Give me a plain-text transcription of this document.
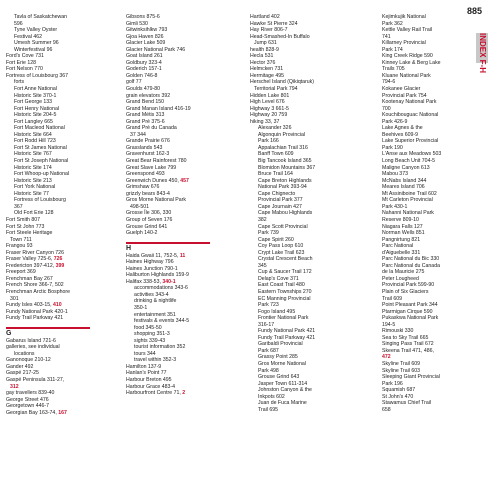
885
INDEX F-H
Tavla of Saskatchewan
596
Tyne Valley Oyster
Festival 462
Umesh Summer 96
Winterfestival 96
Ford's Cove 731
Fort Erie 128
Fort Nelson 770
Fortress of Louisbourg 367
forts
Fort Anne National
Historic Site 370-1
Fort George 133
Fort Henry National
Historic Site 204-5
Fort Langley 665
Fort Macleod National
Historic Site 664
Fort Rodd Hill 723
Fort St James National
Historic Site 767
Fort St Joseph National
Historic Site 174
Fort Whoop-up National
Historic Site 213
Fort York National
Historic Site 77
Fortress of Louisbourg
367
Old Fort Erie 128
Fort Smith 807
Fort St John 773
Fort Steele Heritage
Town 711
Frangou 93
Fraser River Canyon 726
Fraser Valley 725-6, 726
Fredericton 397-412, 399
Freeport 369
Frenchman Bay 267
French Shore 366-7, 502
Frenchman Arctic Bosphore
301
Fundy Isles 403-15, 410
Fundy National Park 420-1
Fundy Trail Parkway 421
G
Gabarus Island 721-6
galleries, see individual
locations
Ganonoque 210-12
Gander 492
Gaspé 217-25
Gaspé Peninsula 311-27,
312
gay travellers 839-40
George Street 476
Georgetown 446-7
Georgian Bay 163-74, 167
Gibsons 875-6
Gimli 530
Gitwinksihlkw 793
Gjoa Haven 826
Glacier Lake 509
Glacier National Park 746
Goat Island 261
Goldbury 323-4
Goderich 157-1
Golden 746-8
golf 77
Goulds 479-80
grain elevators 392
Grand Bend 150
Grand Manan Island 416-19
Grand Métis 313
Grand Pré 375-6
Grand Pré du Canada
37 344
Grande Prairie 676
Grasslands 543
Gravenhurst 162-3
Great Bear Rainforest 780
Great Slave Lake 799
Greenspond 493
Greenwich Dunes 450, 457
Grimshaw 676
grizzly bears 843-4
Gros Morne National Park
498-501
Grosse Île 306, 330
Group of Seven 176
Grouse Grind 641
Guelph 140-2
H
Haida Gwaii 11, 752-5, 11
Haines Highway 796
Haines Junction 790-1
Haliburton Highlands 159-9
Halifax 338-53, 340-1
accommodations 343-6
activities 343-4
drinking & nightlife
350-1
entertainment 351
festivals & events 344-5
food 345-50
shopping 351-3
sights 339-43
tourist information 352
tours 344
travel within 352-3
Hamilton 137-9
Hanlan's Point 77
Harbour Breton 495
Harbour Grace 483-4
Harbourfront Centre 71, 2
Hartland 402
Hawke St Pierre 324
Hay River 806-7
Head-Smashed-In Buffalo
Jump 631
health 828-9
Hecla 531
Hector 376
Helmcken 731
Hermitage 495
Herschel Island (Qikiqtaruk)
Territorial Park 794
Hidden Lake 801
High Level 676
Highway 3 661-5
Highway 20 759
hiking 33, 37
Alexander 326
Algonquin Provincial
Park 166
Appalachian Trail 316
Banff Town 609
Big Tancook Island 365
Blomidon Mountains 367
Bruce Trail 164
Cape Breton Highlands
National Park 393-94
Cape Chignecto
Provincial Park 377
Cape Journain 427
Cape Mabou Highlands
382
Cape Scott Provincial
Park 739
Cape Spirit 260
Coy Pass Loop 610
Crypt Lake Trail 623
Crystal Crescent Beach
345
Cup & Saucer Trail 172
Delap's Cove 371
East Coast Trail 480
Eastern Townships 270
EC Manning Provincial
Park 723
Fogo Island 495
Frontier National Park
316-17
Fundy National Park 421
Fundy Trail Parkway 421
Garibaldi Provincial
Park 687
Grassy Point 285
Gros Morne National
Park 498
Grouse Grind 643
Jasper Town 611-314
Johnston Canyon & the
Inkpots 602
Juan de Fuca Marine
Trail 695
Kejimkujik National
Park 362
Kettle Valley Rail Trail
741
Killarney Provincial
Park 174
King Creek Ridge 590
Kinney Lake & Berg Lake
Trails 705
Kluane National Park
794-6
Kokanee Glacier
Provincial Park 754
Kootenay National Park
700
Kouchibouguac National
Park 426-9
Lake Agnes & the
Beehives 609-9
Lake Superior Provincial
Park 190
L'Anse aux Meadows 503
Long Beach Unit 704-5
Maligne Canyon 613
Mabou 373
McNabs Island 344
Meares Island 706
Mt Assiniboine Trail 602
Mt Carleton Provincial
Park 430-1
Nahanni National Park
Reserve 809-10
Niagara Falls 127
Norman Wells 851
Pangnirtung 821
Parc National
d'Aiguebelle 331
Parc National du Bic 330
Parc National du Canada
de la Mauricie 275
Peter Lougheed
Provincial Park 599-90
Plain of Six Glaciers
Trail 609
Point Pleasant Park 344
Ptarmigan Cirque 590
Pukaskwa National Park
194-5
Rimouski 330
Sea to Sky Trail 665
Singing Pass Trail 672
Skeena Trail 471, 486,
472
Skyline Trail 609
Skyline Trail 603
Sleeping Giant Provincial
Park 196
Squamish 687
St John's 470
Stawamus Chief Trail
658
